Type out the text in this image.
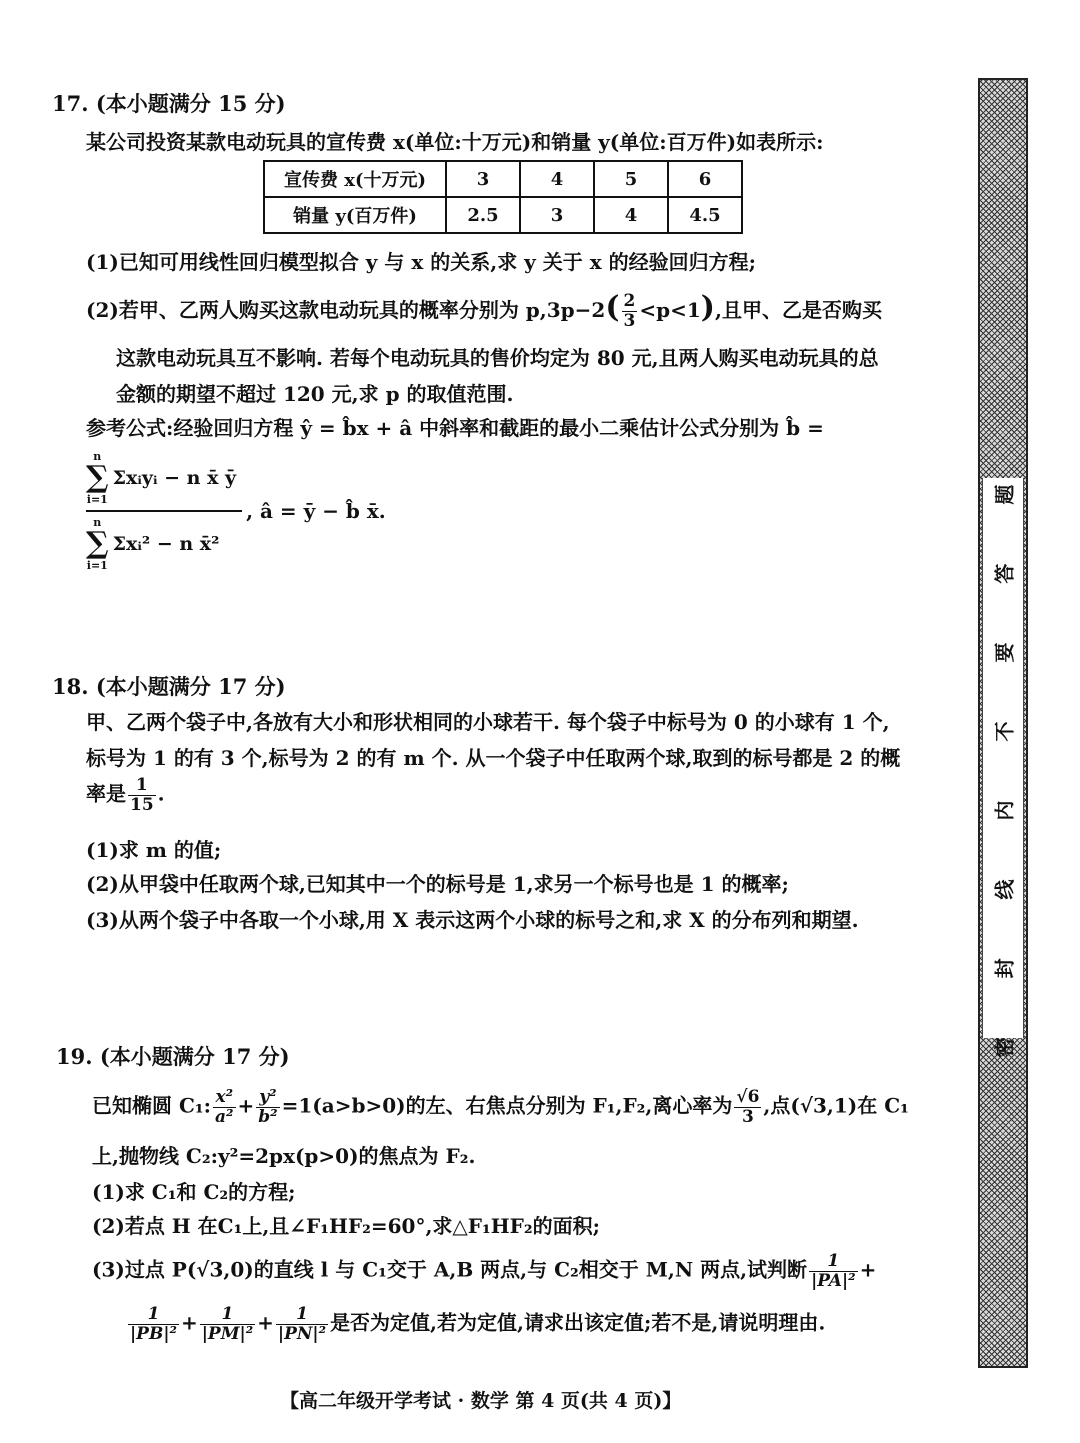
密 封 线 内 不 要 答 题
17. (本小题满分 15 分)
某公司投资某款电动玩具的宣传费 x(单位:十万元)和销量 y(单位:百万件)如表所示:
宣传费 x(十万元)	3	4	5	6
销量 y(百万件)	2.5	3	4	4.5
(1)已知可用线性回归模型拟合 y 与 x 的关系,求 y 关于 x 的经验回归方程;
(2)若甲、乙两人购买这款电动玩具的概率分别为 $p,3p-2( \frac{2}{3} <p<1)$,且甲、乙是否购买
这款电动玩具互不影响. 若每个电动玩具的售价均定为 80 元,且两人购买电动玩具的总
金额的期望不超过 120 元,求 p 的取值范围.
参考公式:经验回归方程 ŷ = b̂x + â 中斜率和截距的最小二乘估计公式分别为 b̂ =
n
∑
i=1
Σxᵢyᵢ − n x̄ ȳ
n
∑
i=1
Σxᵢ² − n x̄²
, â = ȳ − b̂ x̄.
18. (本小题满分 17 分)
甲、乙两个袋子中,各放有大小和形状相同的小球若干. 每个袋子中标号为 0 的小球有 1 个,
标号为 1 的有 3 个,标号为 2 的有 m 个. 从一个袋子中任取两个球,取到的标号都是 2 的概
率是 $\frac{1}{15}$ .
(1)求 m 的值;
(2)从甲袋中任取两个球,已知其中一个的标号是 1,求另一个标号也是 1 的概率;
(3)从两个袋子中各取一个小球,用 X 表示这两个小球的标号之和,求 X 的分布列和期望.
19. (本小题满分 17 分)
已知椭圆 C₁: $\frac{\text{x²}}{\text{a²}} + \frac{\text{y²}}{\text{b²}} =1(a>b>0)$的左、右焦点分别为 F₁,F₂,离心率为 $\frac{√6}{3}$ ,点(√3,1)在 C₁
上,抛物线 C₂:y²=2px(p>0)的焦点为 F₂.
(1)求 C₁和 C₂的方程;
(2)若点 H 在C₁上,且∠F₁HF₂=60°,求△F₁HF₂的面积;
(3)过点 P(√3,0)的直线 l 与 C₁交于 A,B 两点,与 C₂相交于 M,N 两点,试判断 $\frac{1}{\text{|PA|²}}$ +
$\frac{1}{\text{|PB|²}} + \frac{1}{\text{|PM|²}} + \frac{1}{\text{|PN|²}}$ 是否为定值,若为定值,请求出该定值;若不是,请说明理由.
【高二年级开学考试 · 数学 第 4 页(共 4 页)】
